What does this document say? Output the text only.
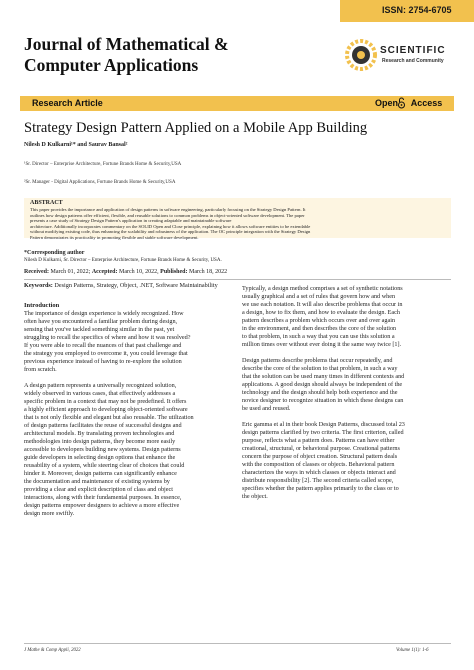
ISSN: 2754-6705
Journal of Mathematical &
Computer Applications
SCIENTIFIC
Research and Community
Research Article	Open Access
Strategy Design Pattern Applied on a Mobile App Building
Nilesh D Kulkarni¹* and Saurav Bansal²
¹Sr. Director – Enterprise Architecture, Fortune Brands Home & Security,USA
²Sr. Manager - Digital Applications, Fortune Brands Home & Security,USA
ABSTRACT
This paper provides the importance and application of design patterns in software engineering, particularly focusing on the Strategy Design Pattern. It
outlines how design patterns offer efficient, flexible, and reusable solutions to common problems in object-oriented software development. The paper
presents a case study of Strategy Design Pattern's application in creating adaptable and maintainable software
architecture. Additionally incorporates commentary on the SOLID Open and Close principle, explaining how it allows software entities to be extendable
without modifying existing code, thus enhancing the scalability and robustness of the application. The OC principle integration with the Strategy Design
Pattern demonstrates its practicality in promoting flexible and stable software development.
*Corresponding author
Nilesh D Kulkarni, Sr. Director – Enterprise Architecture, Fortune Brands Home & Security, USA.
Received: March 01, 2022; Accepted: March 10, 2022, Published: March 18, 2022
Keywords: Design Patterns, Strategy, Object, .NET, Software Maintainability
Introduction
The importance of design experience is widely recognized. How
often have you encountered a familiar problem during design,
sensing that you've tackled something similar in the past, yet
struggling to recall the specifics of where and how it was resolved?
If you were able to recall the nuances of that past challenge and
the strategy you employed to overcome it, you could leverage that
previous experience instead of having to re-explore the solution
from scratch.
A design pattern represents a universally recognized solution,
widely observed in various cases, that effectively addresses a
specific problem in a context that may not be predefined. It offers
a highly efficient approach to developing object-oriented software
that is not only flexible and elegant but also reusable. The utilization
of design patterns facilitates the reuse of successful designs and
architectural models. By translating proven technologies and
methodologies into design patterns, they become more easily
accessible to developers building new systems. Design patterns
guide developers in selecting design options that enhance the
reusability of a system, while steering clear of choices that could
hinder it. Moreover, design patterns can significantly enhance
the documentation and maintenance of existing systems by
providing a clear and explicit description of class and object
interactions, along with their fundamental purposes. In essence,
design patterns empower designers to achieve a more effective
design more swiftly.
Typically, a design method comprises a set of synthetic notations
usually graphical and a set of rules that govern how and when
we use each notation. It will also describe problems that occur in
a design, how to fix them, and how to evaluate the design. Each
pattern describes a problem which occurs over and over again
in the environment, and then describes the core of the solution
to that problem, in such a way that you can use this solution a
million times over without ever doing it the same way twice [1].
Design patterns describe problems that occur repeatedly, and
describe the core of the solution to that problem, in such a way
that the solution can be used many times in different contexts and
applications. A good design should always be independent of the
technology and the design should help both experience and the
novice designer to recognize situation in which these designs can
be used and reused.
Eric gamma et al in their book Design Patterns, discussed total 23
design patterns clarified by two criteria. The first criterion, called
purpose, reflects what a pattern does. Patterns can have either
creational, structural, or behavioral purpose. Creational patterns
concern the purpose of object creation. Structural pattern deals
with the composition of classes or objects. Behavioral pattern
characterizes the ways in which classes or objects interact and
distribute responsibility [2]. The second criteria called scope,
specifies whether the pattern applies primarily to the class or to
the object.
J Mathe & Comp Appli, 2022	Volume 1(1): 1-6
